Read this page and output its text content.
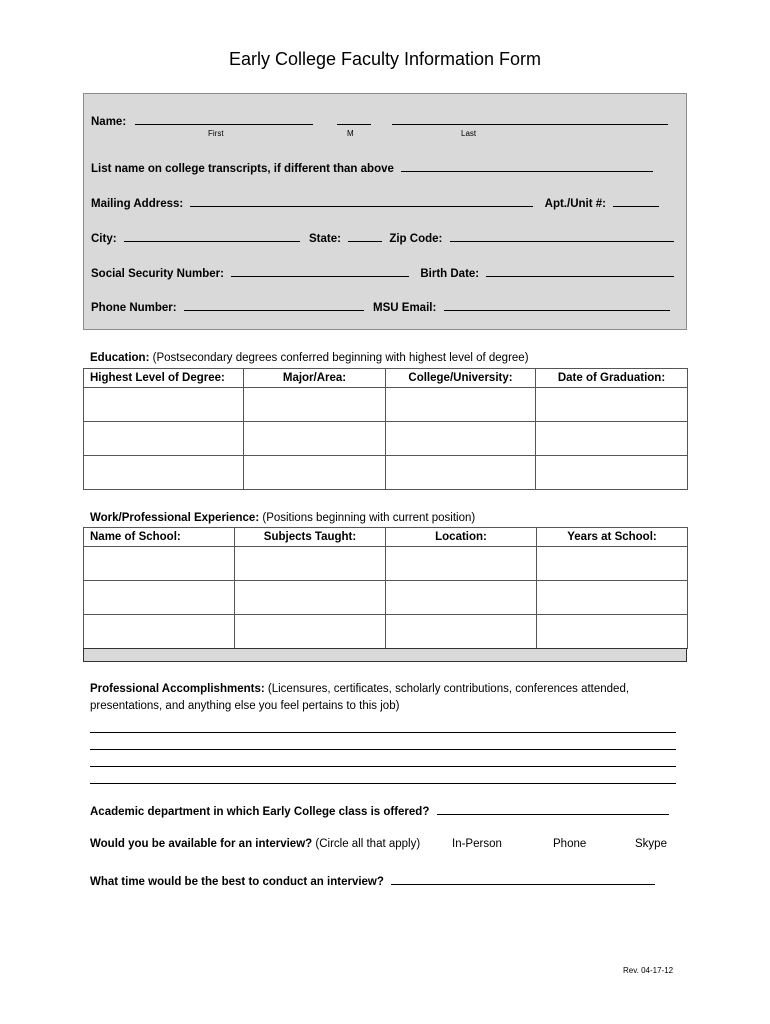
Early College Faculty Information Form
Name:
First	M	Last
List name on college transcripts, if different than above
Mailing Address:	Apt./Unit #:
City:	State:	Zip Code:
Social Security Number:	Birth Date:
Phone Number:	MSU Email:
Education: (Postsecondary degrees conferred beginning with highest level of degree)
Highest Level of Degree:	Major/Area:	College/University:	Date of Graduation:

Work/Professional Experience: (Positions beginning with current position)
Name of School:	Subjects Taught:	Location:	Years at School:

Professional Accomplishments: (Licensures, certificates, scholarly contributions, conferences attended, presentations, and anything else you feel pertains to this job)
Academic department in which Early College class is offered?
Would you be available for an interview? (Circle all that apply)	In-Person	Phone	Skype
What time would be the best to conduct an interview?
Rev. 04-17-12
